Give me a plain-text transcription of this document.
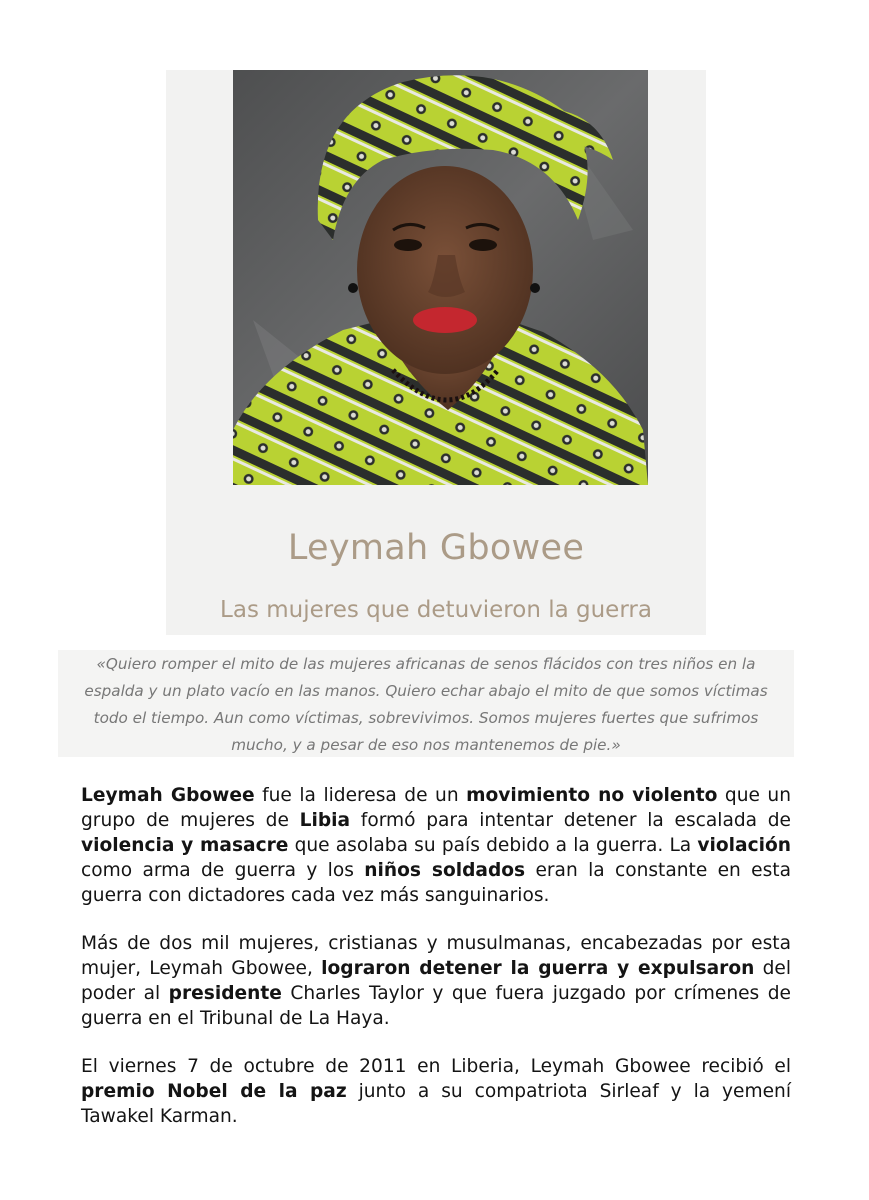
Leymah Gbowee
Las mujeres que detuvieron la guerra
«Quiero romper el mito de las mujeres africanas de senos flácidos con tres niños en la
espalda y un plato vacío en las manos. Quiero echar abajo el mito de que somos víctimas
todo el tiempo. Aun como víctimas, sobrevivimos. Somos mujeres fuertes que sufrimos
mucho, y a pesar de eso nos mantenemos de pie.»

Leymah Gbowee fue la lideresa de un movimiento no violento que un grupo de mujeres de Libia formó para intentar detener la escalada de violencia y masacre que asolaba su país debido a la guerra. La violación como arma de guerra y los niños soldados eran la constante en esta guerra con dictadores cada vez más sanguinarios.

Más de dos mil mujeres, cristianas y musulmanas, encabezadas por esta mujer, Leymah Gbowee, lograron detener la guerra y expulsaron del poder al presidente Charles Taylor y que fuera juzgado por crímenes de guerra en el Tribunal de La Haya.

El viernes 7 de octubre de 2011 en Liberia, Leymah Gbowee recibió el premio Nobel de la paz junto a su compatriota Sirleaf y la yemení Tawakel Karman.
